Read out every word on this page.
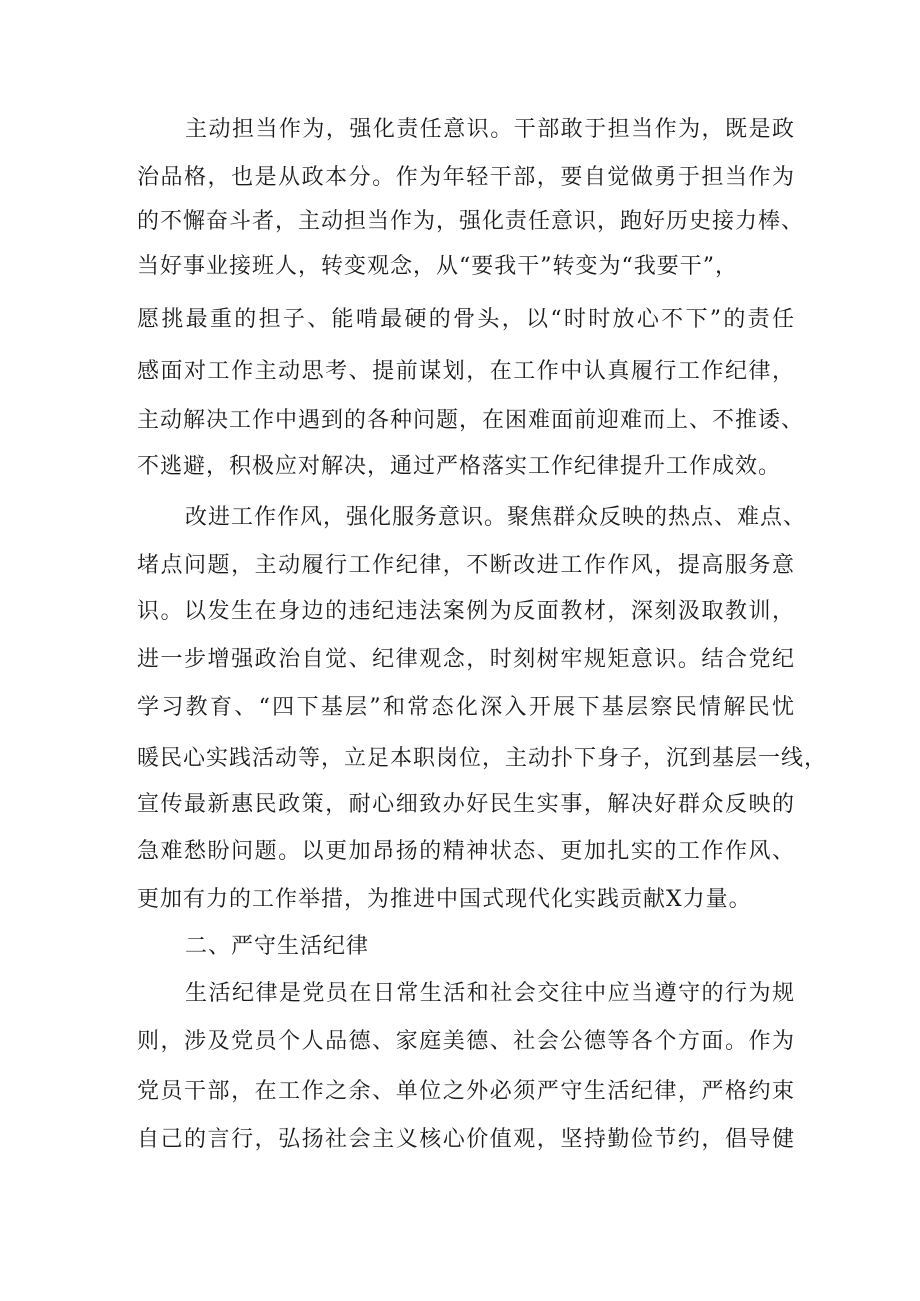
主动担当作为，强化责任意识。干部敢于担当作为，既是政
治品格，也是从政本分。作为年轻干部，要自觉做勇于担当作为
的不懈奋斗者，主动担当作为，强化责任意识，跑好历史接力棒、
当好事业接班人，转变观念，从“要我干”转变为“我要干”，
愿挑最重的担子、能啃最硬的骨头，以“时时放心不下”的责任
感面对工作主动思考、提前谋划，在工作中认真履行工作纪律，
主动解决工作中遇到的各种问题，在困难面前迎难而上、不推诿、
不逃避，积极应对解决，通过严格落实工作纪律提升工作成效。
改进工作作风，强化服务意识。聚焦群众反映的热点、难点、
堵点问题，主动履行工作纪律，不断改进工作作风，提高服务意
识。以发生在身边的违纪违法案例为反面教材，深刻汲取教训，
进一步增强政治自觉、纪律观念，时刻树牢规矩意识。结合党纪
学习教育、“四下基层”和常态化深入开展下基层察民情解民忧
暖民心实践活动等，立足本职岗位，主动扑下身子，沉到基层一线，
宣传最新惠民政策，耐心细致办好民生实事，解决好群众反映的
急难愁盼问题。以更加昂扬的精神状态、更加扎实的工作作风、
更加有力的工作举措，为推进中国式现代化实践贡献X力量。
二、严守生活纪律
生活纪律是党员在日常生活和社会交往中应当遵守的行为规
则，涉及党员个人品德、家庭美德、社会公德等各个方面。作为
党员干部，在工作之余、单位之外必须严守生活纪律，严格约束
自己的言行，弘扬社会主义核心价值观，坚持勤俭节约，倡导健
